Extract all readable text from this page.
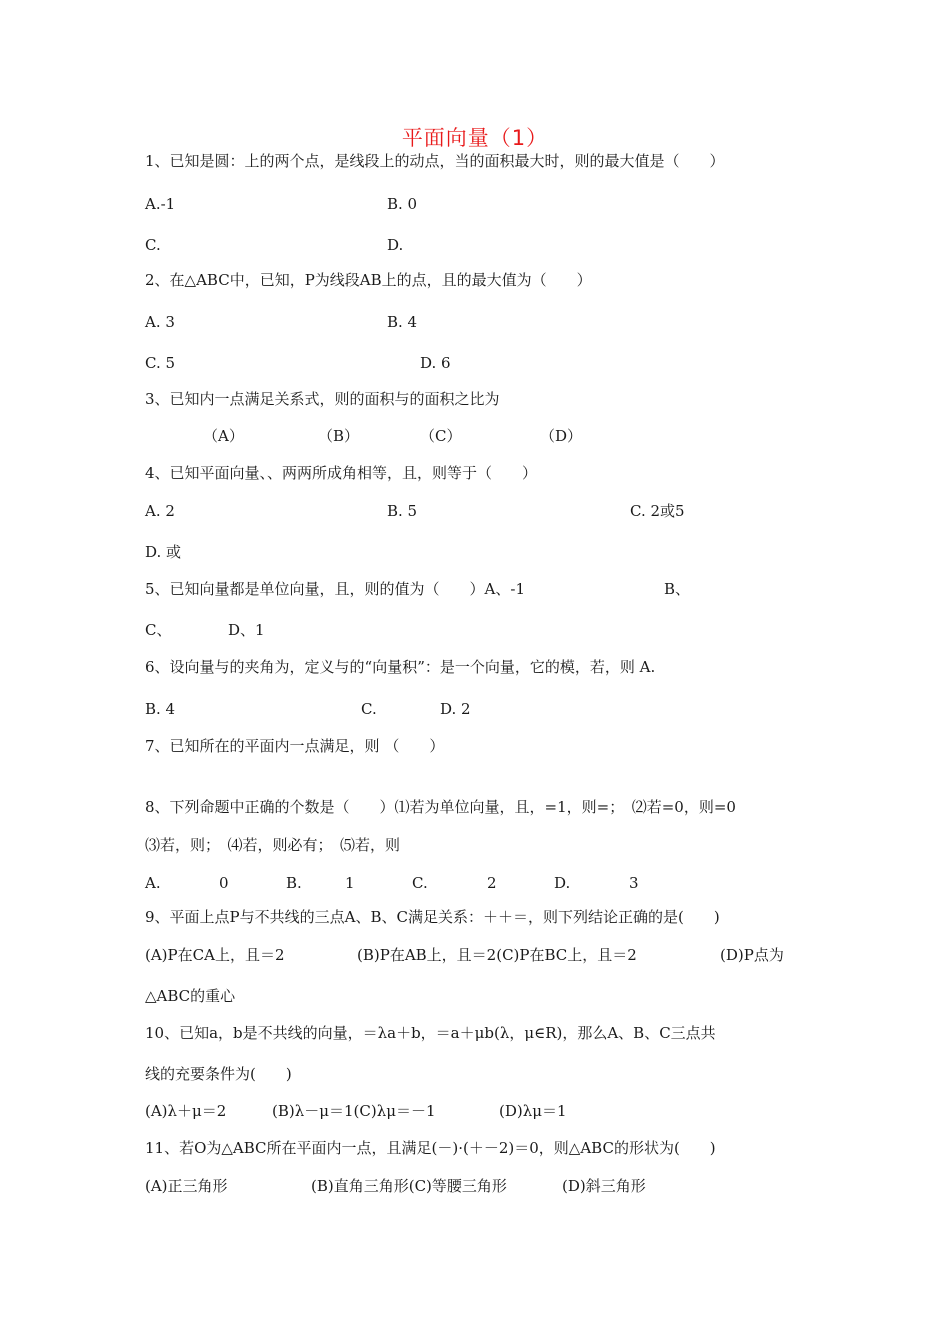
平面向量（1）
1、已知是圆：上的两个点，是线段上的动点，当的面积最大时，则的最大值是（　　）
A.-1	B. 0
C.	D.
2、在△ABC中，已知，P为线段AB上的点，且的最大值为（　　）
A. 3	B. 4
C. 5	D. 6
3、已知内一点满足关系式，则的面积与的面积之比为
（A）	（B）	（C）	（D）
4、已知平面向量、、两两所成角相等，且，则等于（　　）
A. 2	B. 5	C. 2或5
D. 或
5、已知向量都是单位向量，且，则的值为（　　）A、-1	B、
C、	D、1
6、设向量与的夹角为，定义与的“向量积”：是一个向量，它的模，若，则 A.
B. 4	C.	D. 2
7、已知所在的平面内一点满足，则 （　　）
8、下列命题中正确的个数是（　　）⑴若为单位向量，且，=1，则=；　⑵若=0，则=0
⑶若，则；　⑷若，则必有；　⑸若，则
A.	0	B.	1	C.	2	D.	3
9、平面上点P与不共线的三点A、B、C满足关系：＋＋＝，则下列结论正确的是(　　)
(A)P在CA上，且＝2	(B)P在AB上，且＝2(C)P在BC上，且＝2	(D)P点为
△ABC的重心
10、已知a，b是不共线的向量，＝λa＋b，＝a＋μb(λ，μ∈R)，那么A、B、C三点共
线的充要条件为(　　)
(A)λ＋μ＝2	(B)λ－μ＝1(C)λμ＝－1	(D)λμ＝1
11、若O为△ABC所在平面内一点，且满足(－)·(＋－2)＝0，则△ABC的形状为(　　)
(A)正三角形	(B)直角三角形(C)等腰三角形	(D)斜三角形
